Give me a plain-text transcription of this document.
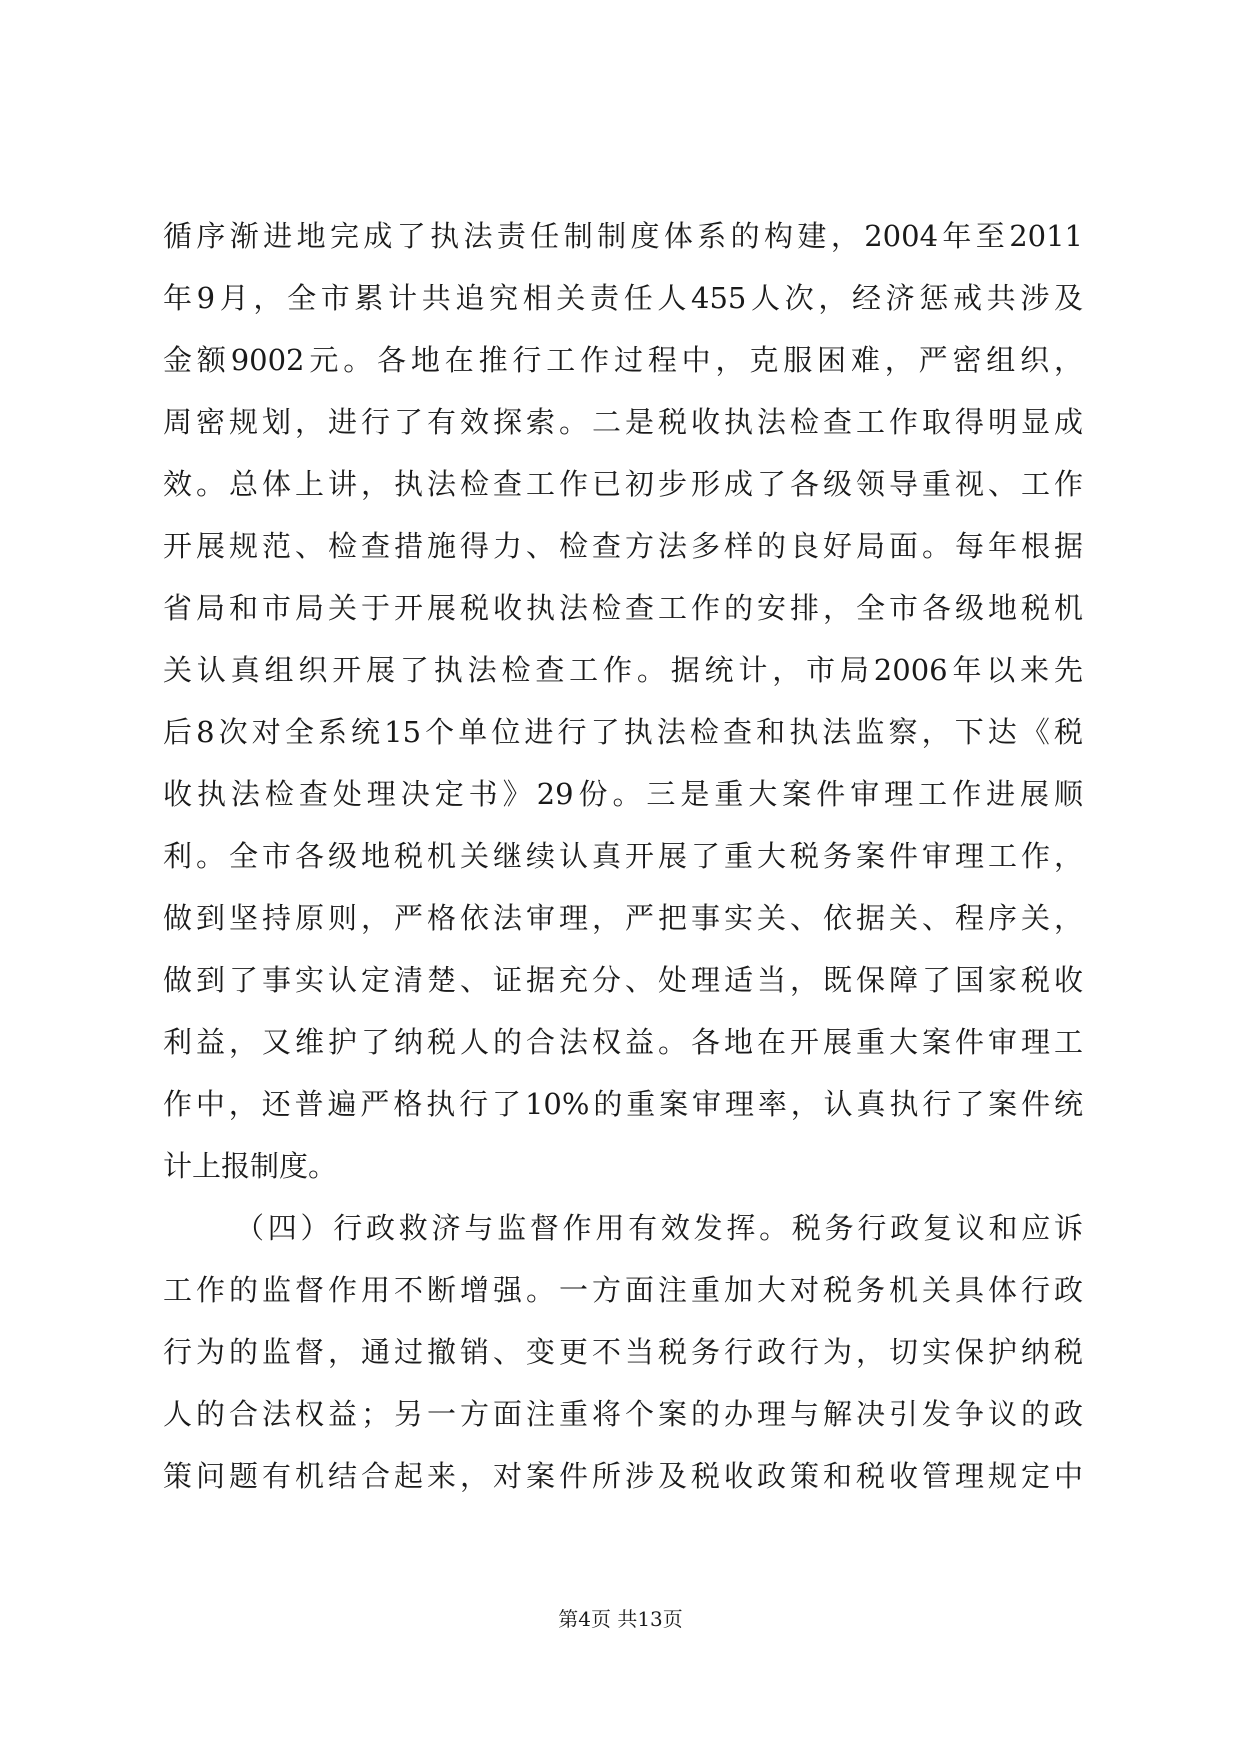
循序渐进地完成了执法责任制制度体系的构建，2004年至2011
年9月，全市累计共追究相关责任人455人次，经济惩戒共涉及
金额9002元。各地在推行工作过程中，克服困难，严密组织，
周密规划，进行了有效探索。二是税收执法检查工作取得明显成
效。总体上讲，执法检查工作已初步形成了各级领导重视、工作
开展规范、检查措施得力、检查方法多样的良好局面。每年根据
省局和市局关于开展税收执法检查工作的安排，全市各级地税机
关认真组织开展了执法检查工作。据统计，市局2006年以来先
后8次对全系统15个单位进行了执法检查和执法监察，下达《税
收执法检查处理决定书》29份。三是重大案件审理工作进展顺
利。全市各级地税机关继续认真开展了重大税务案件审理工作，
做到坚持原则，严格依法审理，严把事实关、依据关、程序关，
做到了事实认定清楚、证据充分、处理适当，既保障了国家税收
利益，又维护了纳税人的合法权益。各地在开展重大案件审理工
作中，还普遍严格执行了10%的重案审理率，认真执行了案件统
计上报制度。
（四）行政救济与监督作用有效发挥。税务行政复议和应诉
工作的监督作用不断增强。一方面注重加大对税务机关具体行政
行为的监督，通过撤销、变更不当税务行政行为，切实保护纳税
人的合法权益；另一方面注重将个案的办理与解决引发争议的政
策问题有机结合起来，对案件所涉及税收政策和税收管理规定中
第4页 共13页
